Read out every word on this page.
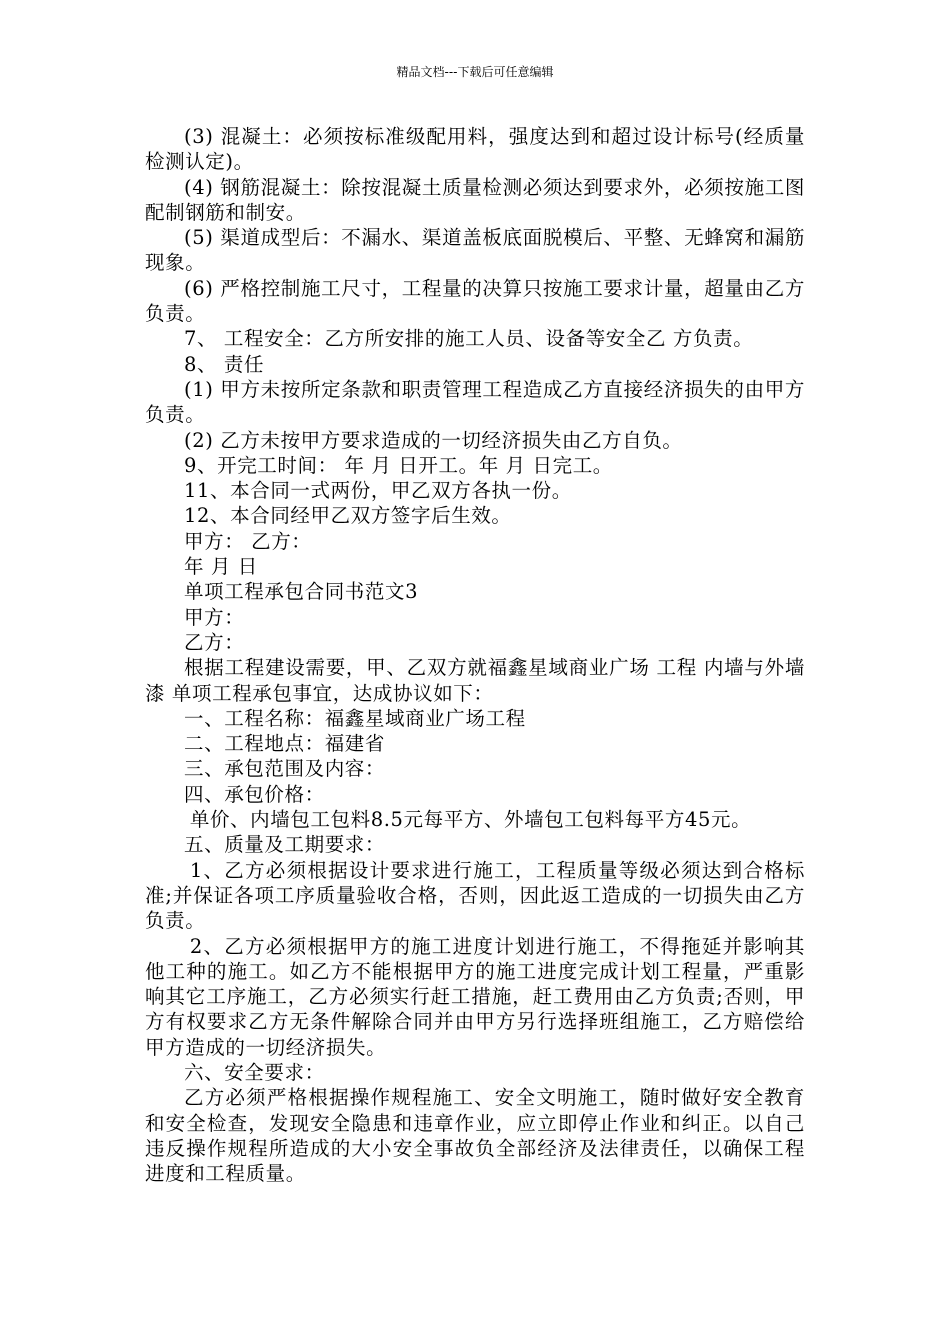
精品文档---下载后可任意编辑

(3) 混凝土：必须按标准级配用料，强度达到和超过设计标号(经质量检测认定)。

(4) 钢筋混凝土：除按混凝土质量检测必须达到要求外，必须按施工图配制钢筋和制安。

(5) 渠道成型后：不漏水、渠道盖板底面脱模后、平整、无蜂窝和漏筋现象。

(6) 严格控制施工尺寸，工程量的决算只按施工要求计量，超量由乙方负责。

7、 工程安全：乙方所安排的施工人员、设备等安全乙 方负责。

8、 责任

(1) 甲方未按所定条款和职责管理工程造成乙方直接经济损失的由甲方负责。

(2) 乙方未按甲方要求造成的一切经济损失由乙方自负。

9、开完工时间： 年 月 日开工。年 月 日完工。

11、本合同一式两份，甲乙双方各执一份。

12、本合同经甲乙双方签字后生效。

甲方： 乙方：

年 月 日

单项工程承包合同书范文3

甲方：

乙方：

根据工程建设需要，甲、乙双方就福鑫星域商业广场 工程 内墙与外墙漆 单项工程承包事宜，达成协议如下：

一、工程名称：福鑫星域商业广场工程

二、工程地点：福建省

三、承包范围及内容：

四、承包价格：

单价、内墙包工包料8.5元每平方、外墙包工包料每平方45元。

五、质量及工期要求：

1、乙方必须根据设计要求进行施工，工程质量等级必须达到合格标准;并保证各项工序质量验收合格，否则，因此返工造成的一切损失由乙方负责。

2、乙方必须根据甲方的施工进度计划进行施工，不得拖延并影响其他工种的施工。如乙方不能根据甲方的施工进度完成计划工程量，严重影响其它工序施工，乙方必须实行赶工措施，赶工费用由乙方负责;否则，甲方有权要求乙方无条件解除合同并由甲方另行选择班组施工，乙方赔偿给甲方造成的一切经济损失。

六、安全要求：

乙方必须严格根据操作规程施工、安全文明施工，随时做好安全教育和安全检查，发现安全隐患和违章作业，应立即停止作业和纠正。以自己违反操作规程所造成的大小安全事故负全部经济及法律责任，以确保工程进度和工程质量。
